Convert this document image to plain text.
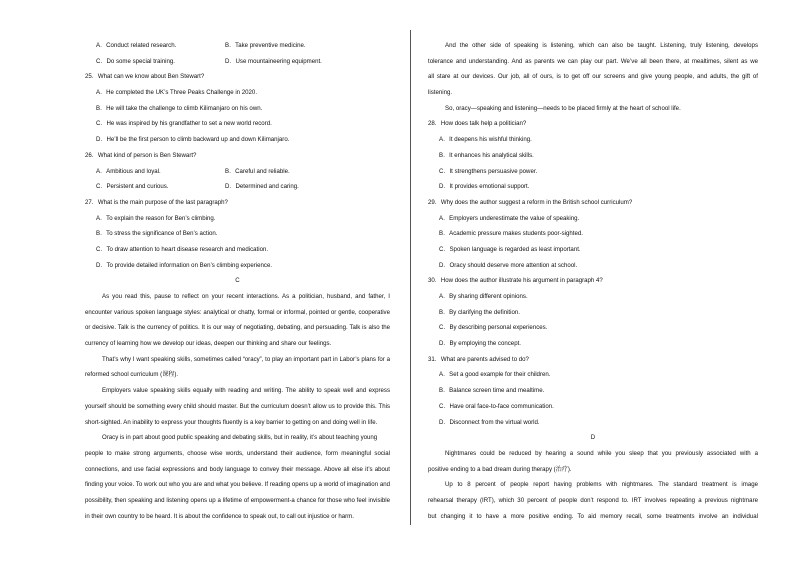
A．Conduct related research.	B．Take preventive medicine.
C．Do some special training.	D．Use mountaineering equipment.
25．What can we know about Ben Stewart?
A．He completed the UK’s Three Peaks Challenge in 2020.
B．He will take the challenge to climb Kilimanjaro on his own.
C．He was inspired by his grandfather to set a new world record.
D．He’ll be the first person to climb backward up and down Kilimanjaro.
26．What kind of person is Ben Stewart?
A．Ambitious and loyal.	B．Careful and reliable.
C．Persistent and curious.	D．Determined and caring.
27．What is the main purpose of the last paragraph?
A．To explain the reason for Ben’s climbing.
B．To stress the significance of Ben’s action.
C．To draw attention to heart disease research and medication.
D．To provide detailed information on Ben’s climbing experience.
C
As you read this, pause to reflect on your recent interactions. As a politician, husband, and father, I
encounter various spoken language styles: analytical or chatty, formal or informal, pointed or gentle, cooperative
or decisive. Talk is the currency of politics. It is our way of negotiating, debating, and persuading. Talk is also the
currency of learning how we develop our ideas, deepen our thinking and share our feelings.
That’s why I want speaking skills, sometimes called “oracy”, to play an important part in Labor’s plans for a
reformed school curriculum (课程).
Employers value speaking skills equally with reading and writing. The ability to speak well and express
yourself should be something every child should master. But the curriculum doesn’t allow us to provide this. This
short-sighted. An inability to express your thoughts fluently is a key barrier to getting on and doing well in life.
Oracy is in part about good public speaking and debating skills, but in reality, it’s about teaching young
people to make strong arguments, choose wise words, understand their audience, form meaningful social
connections, and use facial expressions and body language to convey their message. Above all else it’s about
finding your voice. To work out who you are and what you believe. If reading opens up a world of imagination and
possibility, then speaking and listening opens up a lifetime of empowerment-a chance for those who feel invisible
in their own country to be heard. It is about the confidence to speak out, to call out injustice or harm.
And the other side of speaking is listening, which can also be taught. Listening, truly listening, develops
tolerance and understanding. And as parents we can play our part. We’ve all been there, at mealtimes, silent as we
all stare at our devices. Our job, all of ours, is to get off our screens and give young people, and adults, the gift of
listening.
So, oracy—speaking and listening—needs to be placed firmly at the heart of school life.
28．How does talk help a politician?
A．It deepens his wishful thinking.
B．It enhances his analytical skills.
C．It strengthens persuasive power.
D．It provides emotional support.
29．Why does the author suggest a reform in the British school curriculum?
A．Employers underestimate the value of speaking.
B．Academic pressure makes students poor-sighted.
C．Spoken language is regarded as least important.
D．Oracy should deserve more attention at school.
30．How does the author illustrate his argument in paragraph 4?
A．By sharing different opinions.
B．By clarifying the definition.
C．By describing personal experiences.
D．By employing the concept.
31．What are parents advised to do?
A．Set a good example for their children.
B．Balance screen time and mealtime.
C．Have oral face-to-face communication.
D．Disconnect from the virtual world.
D
Nightmares could be reduced by hearing a sound while you sleep that you previously associated with a
positive ending to a bad dream during therapy (治疗).
Up to 8 percent of people report having problems with nightmares. The standard treatment is image
rehearsal therapy (IRT), which 30 percent of people don’t respond to. IRT involves repeating a previous nightmare
but changing it to have a more positive ending. To aid memory recall, some treatments involve an individual
